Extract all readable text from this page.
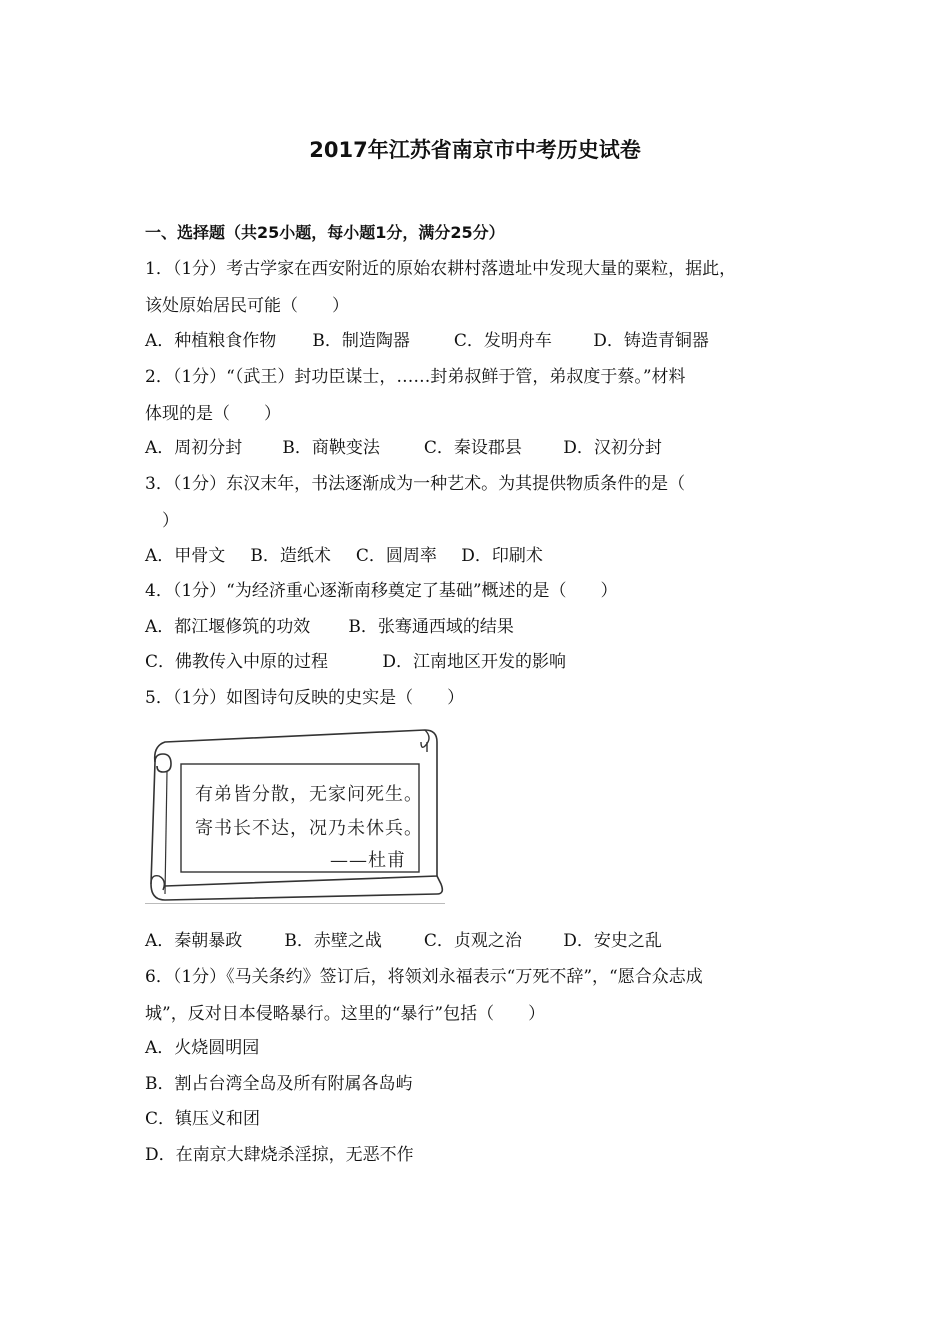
2017年江苏省南京市中考历史试卷
一、选择题（共25小题，每小题1分，满分25分）
1．（1分）考古学家在西安附近的原始农耕村落遗址中发现大量的粟粒，据此，
该处原始居民可能（　　）
A．种植粮食作物 B．制造陶器	C．发明舟车 D．铸造青铜器
2．（1分）“（武王）封功臣谋士，……封弟叔鲜于管，弟叔度于蔡。”材料
体现的是（　　）
A．周初分封 B．商鞅变法	C．秦设郡县 D．汉初分封
3．（1分）东汉末年，书法逐渐成为一种艺术。为其提供物质条件的是（
）
A．甲骨文 B．造纸术 C．圆周率 D．印刷术
4．（1分）“为经济重心逐渐南移奠定了基础”概述的是（　　）
A．都江堰修筑的功效 B．张骞通西域的结果
C．佛教传入中原的过程	D．江南地区开发的影响
5．（1分）如图诗句反映的史实是（　　）
有弟皆分散，无家问死生。
寄书长不达，况乃未休兵。
——杜甫
A．秦朝暴政 B．赤壁之战 C．贞观之治 D．安史之乱
6．（1分）《马关条约》签订后，将领刘永福表示“万死不辞”，“愿合众志成
城”，反对日本侵略暴行。这里的“暴行”包括（　　）
A．火烧圆明园
B．割占台湾全岛及所有附属各岛屿
C．镇压义和团
D．在南京大肆烧杀淫掠，无恶不作
